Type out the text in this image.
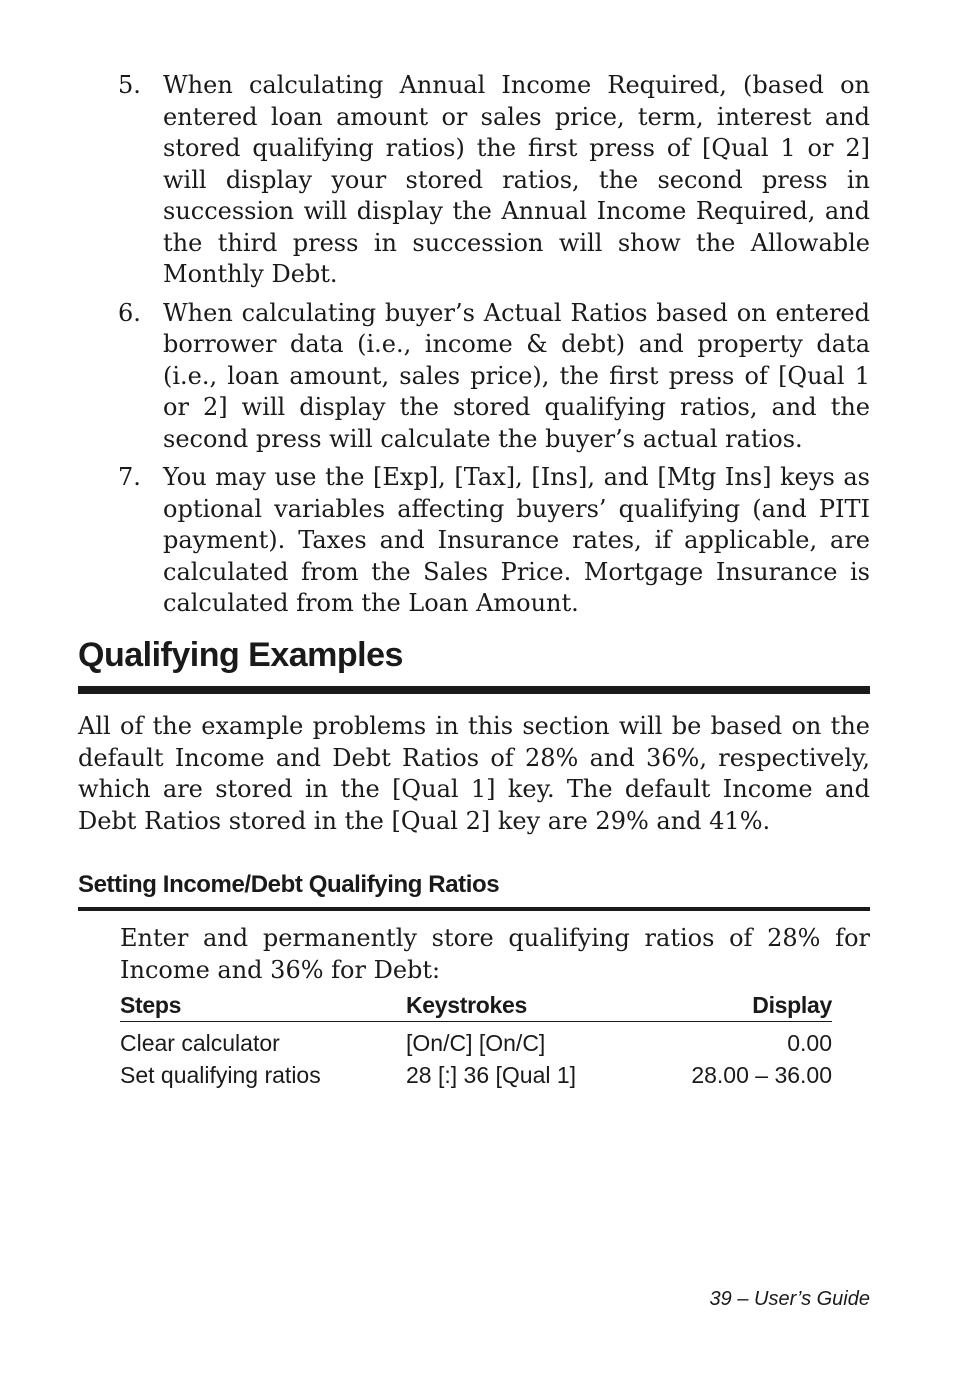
5. When calculating Annual Income Required, (based on entered loan amount or sales price, term, interest and stored qualifying ratios) the first press of [Qual 1 or 2] will display your stored ratios, the second press in succession will display the Annual Income Required, and the third press in succession will show the Allowable Monthly Debt.
6. When calculating buyer’s Actual Ratios based on entered borrower data (i.e., income & debt) and property data (i.e., loan amount, sales price), the first press of [Qual 1 or 2] will display the stored qualifying ratios, and the second press will calculate the buyer’s actual ratios.
7. You may use the [Exp], [Tax], [Ins], and [Mtg Ins] keys as optional variables affecting buyers’ qualifying (and PITI payment). Taxes and Insurance rates, if applicable, are calculated from the Sales Price. Mortgage Insurance is calculated from the Loan Amount.
Qualifying Examples

All of the example problems in this section will be based on the default Income and Debt Ratios of 28% and 36%, respectively, which are stored in the [Qual 1] key. The default Income and Debt Ratios stored in the [Qual 2] key are 29% and 41%.

Setting Income/Debt Qualifying Ratios

Enter and permanently store qualifying ratios of 28% for Income and 36% for Debt:

Steps	Keystrokes	Display
Clear calculator	[On/C] [On/C]	0.00
Set qualifying ratios	28 [:] 36 [Qual 1]	28.00 – 36.00
39 – User’s Guide
